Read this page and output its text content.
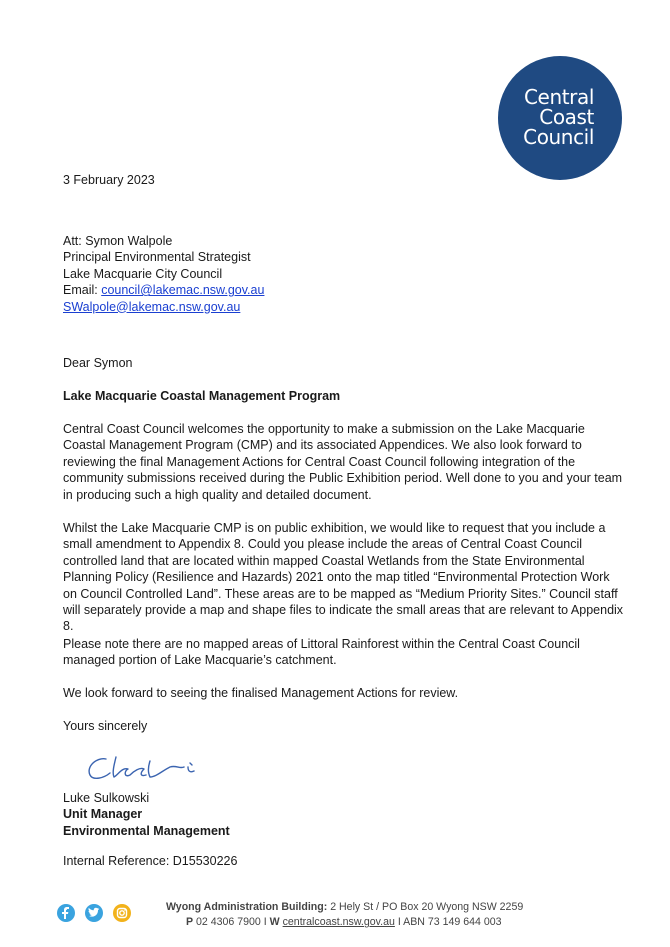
Central
Coast
Council
3 February 2023
Att: Symon Walpole
Principal Environmental Strategist
Lake Macquarie City Council
Email: council@lakemac.nsw.gov.au
SWalpole@lakemac.nsw.gov.au
Dear Symon
Lake Macquarie Coastal Management Program

Central Coast Council welcomes the opportunity to make a submission on the Lake Macquarie Coastal Management Program (CMP) and its associated Appendices. We also look forward to reviewing the final Management Actions for Central Coast Council following integration of the community submissions received during the Public Exhibition period. Well done to you and your team in producing such a high quality and detailed document.

Whilst the Lake Macquarie CMP is on public exhibition, we would like to request that you include a small amendment to Appendix 8. Could you please include the areas of Central Coast Council controlled land that are located within mapped Coastal Wetlands from the State Environmental Planning Policy (Resilience and Hazards) 2021 onto the map titled “Environmental Protection Work on Council Controlled Land”. These areas are to be mapped as “Medium Priority Sites.” Council staff will separately provide a map and shape files to indicate the small areas that are relevant to Appendix 8.

Please note there are no mapped areas of Littoral Rainforest within the Central Coast Council managed portion of Lake Macquarie’s catchment.

We look forward to seeing the finalised Management Actions for review.

Yours sincerely
Luke Sulkowski
Unit Manager
Environmental Management
Internal Reference: D15530226
Wyong Administration Building: 2 Hely St / PO Box 20 Wyong NSW 2259
P 02 4306 7900 I W centralcoast.nsw.gov.au I ABN 73 149 644 003
